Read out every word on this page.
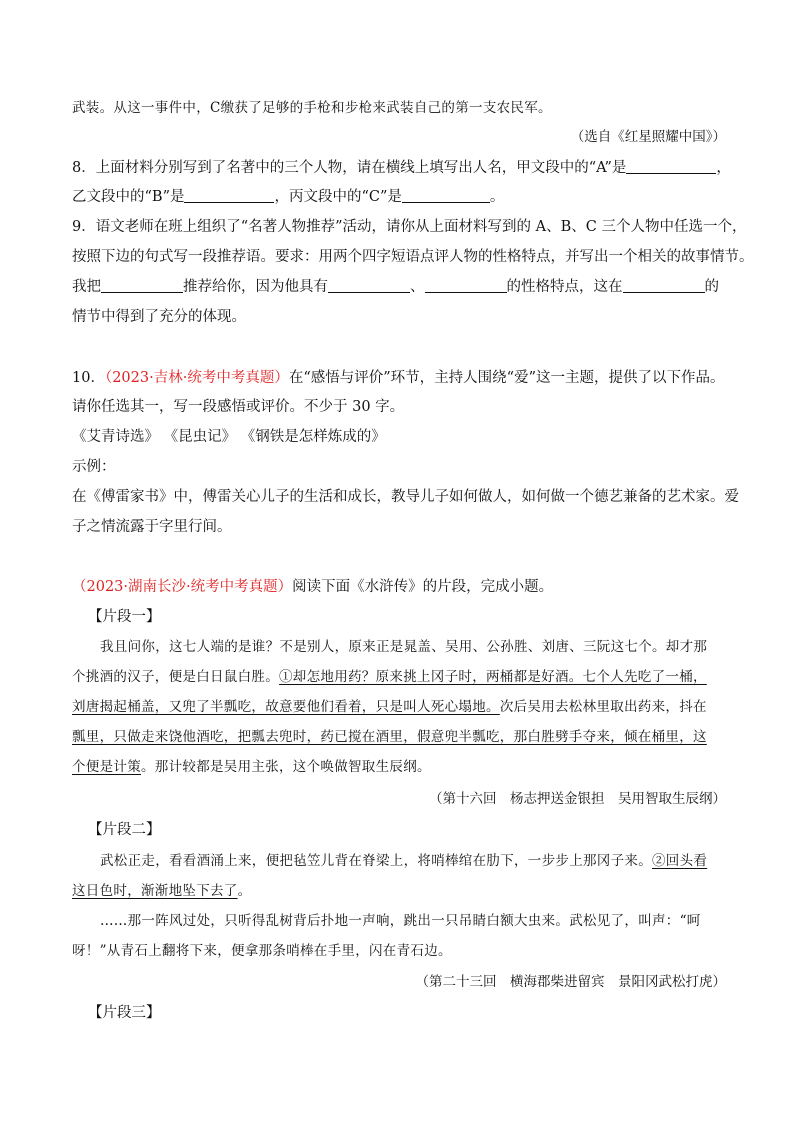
武装。从这一事件中，C缴获了足够的手枪和步枪来武装自己的第一支农民军。
（选自《红星照耀中国》）
8．上面材料分别写到了名著中的三个人物，请在横线上填写出人名，甲文段中的“A”是	，
乙文段中的“B”是	，丙文段中的“C”是	。
9．语文老师在班上组织了“名著人物推荐”活动，请你从上面材料写到的 A、B、C 三个人物中任选一个，
按照下边的句式写一段推荐语。要求：用两个四字短语点评人物的性格特点，并写出一个相关的故事情节。
我把	推荐给你，因为他具有	、	的性格特点，这在	的
情节中得到了充分的体现。
10．（2023·吉林·统考中考真题）在“感悟与评价”环节，主持人围绕“爱”这一主题，提供了以下作品。
请你任选其一，写一段感悟或评价。不少于 30 字。
《艾青诗选》 《昆虫记》 《钢铁是怎样炼成的》
示例：
在《傅雷家书》中，傅雷关心儿子的生活和成长，教导儿子如何做人，如何做一个德艺兼备的艺术家。爱
子之情流露于字里行间。
（2023·湖南长沙·统考中考真题）阅读下面《水浒传》的片段，完成小题。
【片段一】
我且问你，这七人端的是谁？不是别人，原来正是晁盖、吴用、公孙胜、刘唐、三阮这七个。却才那
个挑酒的汉子，便是白日鼠白胜。①却怎地用药？原来挑上冈子时，两桶都是好酒。七个人先吃了一桶，
刘唐揭起桶盖，又兜了半瓢吃，故意要他们看着，只是叫人死心塌地。次后吴用去松林里取出药来，抖在
瓢里，只做走来饶他酒吃，把瓢去兜时，药已搅在酒里，假意兜半瓢吃，那白胜劈手夺来，倾在桶里，这
个便是计策。那计较都是吴用主张，这个唤做智取生辰纲。
（第十六回　杨志押送金银担　吴用智取生辰纲）
【片段二】
武松正走，看看酒涌上来，便把毡笠儿背在脊梁上，将哨棒绾在肋下，一步步上那冈子来。②回头看
这日色时，渐渐地坠下去了。
……那一阵风过处，只听得乱树背后扑地一声响，跳出一只吊睛白额大虫来。武松见了，叫声：“呵
呀！”从青石上翻将下来，便拿那条哨棒在手里，闪在青石边。
（第二十三回　横海郡柴进留宾　景阳冈武松打虎）
【片段三】
